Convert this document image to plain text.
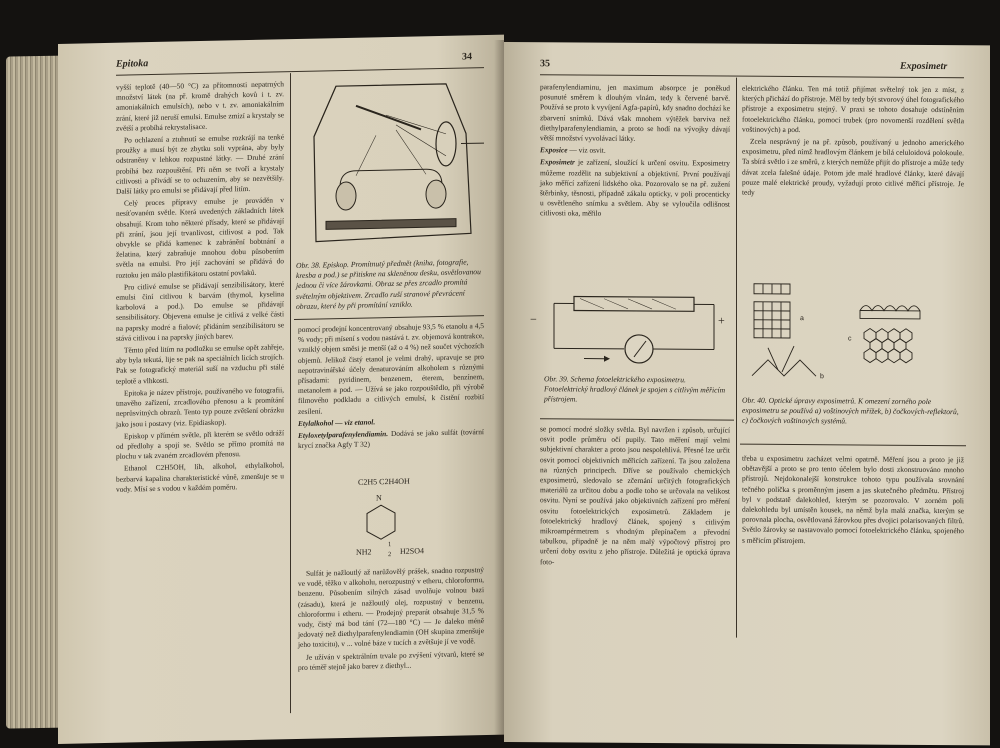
Epitoka
34

vyšší teplotě (40—50 °C) za přítomnosti nepatrných množství látek (na př. kromě drahých kovů i t. zv. amoniakálních emulsích), nebo v t. zv. amoniakálním zrání, které již neruší emulsi. Emulse zmizí a krystaly se zvětší a probíhá rekrystalisace.

Po ochlazení a ztuhnutí se emulse rozkrájí na tenké proužky a musí být ze zbytku soli vyprána, aby byly odstraněny v lehkou rozpustné látky. — Druhé zrání probíhá bez rozpouštění. Při něm se tvoří a krystaly citlivosti a přivádí se to ochuzením, aby se nezvětšily. Další látky pro emulsi se přidávají před litím.

Celý proces přípravy emulse je prováděn v nesíťovaném světle. Která uvedených základních látek obsahují. Krom toho některé přísady, které se přidávají při zrání, jsou její trvanlivost, citlivost a pod. Tak obvykle se přidá kamenec k zabránění bobtnání a želatina, který zabraňuje mnohou dobu působením světla na emulsi. Pro její zachování se přidává do roztoku jen málo plastifikátoru ostatní povlaků.

Pro citlivé emulse se přidávají senzibilisátory, které emulsi činí citlivou k barvám (thymol, kyselina karbolová a pod.). Do emulse se přidávají sensibilisátory. Objevena emulse je citlivá z velké části na paprsky modré a fialové; přidáním senzibilisátoru se stává citlivou i na paprsky jiných barev.

Těmto před litím na podložku se emulse opět zahřeje, aby byla tekutá, lije se pak na speciálních licích strojích. Pak se fotografický materiál suší na vzduchu při stálé teplotě a vlhkosti.

Epitoka je název přístroje, používaného ve fotografii, tmavěho zařízení, zrcadlového přenosu a k promítání neprůsvitných obrazů. Tento typ pouze zvětšení obrázku jako jsou i postavy (viz. Epidiaskop).

Episkop v přímém světle, při kterém se světlo odráží od předlohy a spojí se. Světlo se přímo promítá na plochu v tak zvaném zrcadlovém přenosu.

Ethanol C2H5OH, líh, alkohol, ethylalkohol, bezbarvá kapalina charakteristické vůně, zmenšuje se u vody. Mísí se s vodou v každém poměru.

Obr. 38. Episkop. Promítnutý předmět (kniha, fotografie, kresba a pod.) se přitiskne na skleněnou desku, osvětlovanou jednou či více žárovkami. Obraz se přes zrcadlo promítá světelným objektivem. Zrcadlo ruší stranové převrácení obrazu, které by při promítání vzniklo.

pomocí prodejní koncentrovaný obsahuje 93,5 % etanolu a 4,5 % vody; při mísení s vodou nastává t. zv. objemová kontrakce, vzniklý objem směsi je menší (až o 4 %) než součet výchozích objemů. Jelikož čistý etanol je velmi drahý, upravuje se pro nepotravinářské účely denaturováním alkoholem s různými přísadami: pyridinem, benzenem, éterem, benzínem, metanolem a pod. — Užívá se jako rozpouštědlo, při výrobě filmového podkladu a citlivých emulsí, k čistění rozbití zesílení.

Etylalkohol — viz etanol.

Etyloxetylparafenylendiamin. Dodává se jako sulfát (tovární krycí značka Agfy T 32)

C2H5 C2H4OH
N
NH2
1
2 H2SO4

Sulfát je nažloutlý až narůžovělý prášek, snadno rozpustný ve vodě, těžko v alkoholu, nerozpustný v etheru, chloroformu, benzenu. Působením silných zásad uvolňuje volnou bazi (zásadu), která je nažloutlý olej, rozpustný v benzenu, chloroformu i etheru. — Prodejný preparát obsahuje 31,5 % vody, čistý má bod tání (72—180 °C) — Je daleko méně jedovatý než diethylparafenylendiamin (OH skupina zmenšuje jeho toxicitu), v ... volné báze v tucích a zvětšuje jí ve vodě.

Je užíván v spektrálním trvale po zvýšení výtvarů, které se pro téměř stejně jako barev z diethyl...

35	Exposimetr

parafenylendiaminu, jen maximum absorpce je poněkud posunuté směrem k dlouhým vlnám, tedy k červené barvě. Používá se proto k vyvíjení Agfa-papírů, kdy snadno dochází ke zbarvení snímků. Dává však mnohem výtěžek barviva než diethylparafenylendiamin, a proto se hodí na vývojky dávají větší množství vyvolávací látky.

Exposice — viz osvit.

Exposimetr je zařízení, sloužící k určení osvitu. Exposimetry můžeme rozdělit na subjektivní a objektivní. První používají jako měřící zařízení lidského oka. Pozorovalo se na př. zužení štěrbinky, těsnosti, případně zákalu opticky, v poli procenticky u osvětleného snímku a světlem. Aby se vyloučila odlišnost citlivosti oka, měřilo

−	+
Obr. 39. Schema fotoelektrického exposimetru. Fotoelektrický hradlový článek je spojen s citlivým měřicím přístrojem.

se pomocí modré složky světla. Byl navržen i způsob, určující osvit podle průměru očí pupily. Tato měření mají velmi subjektivní charakter a proto jsou nespolehlivá. Přesné lze určit osvit pomocí objektivních měřicích zařízení. Ta jsou založena na různých principech. Dříve se používalo chemických exposimetrů, sledovalo se zčernání určitých fotografických materiálů za určitou dobu a podle toho se určovala na velikost osvitu. Nyní se používá jako objektivních zařízení pro měření osvitu fotoelektrických exposimetrů. Základem je fotoelektrický hradlový článek, spojený s citlivým mikroampérmetrem s vhodným přepínačem a převodní tabulkou, připadně je na něm malý výpočtový přístroj pro určení doby osvitu z jeho přístroje. Důležitá je optická úprava foto-

elektrického článku. Ten má totiž přijímat světelný tok jen z míst, z kterých přichází do přístroje. Měl by tedy být stvorový úhel fotografického přístroje a exposimetru stejný. V praxi se tohoto dosahuje odstíněním fotoelektrického článku, pomocí trubek (pro novomenší rozdělení světla voštinových) a pod.

Zcela nesprávný je na př. způsob, používaný u jednoho amerického exposimetru, před nímž hradlovým článkem je bílá celuloidová polokoule. Ta sbírá světlo i ze směrů, z kterých nemůže přijít do přístroje a může tedy dávat zcela falešné údaje. Potom jde malé hradlové články, které dávají pouze malé elektrické proudy, vyžadují proto citlivé měřicí přístroje. Je tedy

a
b
c
Obr. 40. Optické úpravy exposimetrů. K omezení zorného pole exposimetru se používá a) voštinových mřížek, b) čočkových-reflektorů, c) čočkových voštinových systémů.

třeba u exposimetru zacházet velmi opatrně. Měření jsou a proto je již obětavější a proto se pro tento účelem bylo dosti zkonstruováno mnoho přístrojů. Nejdokonalejší konstrukce tohoto typu používala srovnání tečného políčka s proměnným jasem a jas skutečného předmětu. Přístroj byl v podstatě dalekohled, kterým se pozorovalo. V zorném poli dalekohledu byl umístěn kousek, na němž byla malá značka, kterým se porovnala plocha, osvětlovaná žárovkou přes dvojici polarisovaných filtrů. Světlo žárovky se nastavovalo pomocí fotoelektrického článku, spojeného s měřicím přístrojem.
